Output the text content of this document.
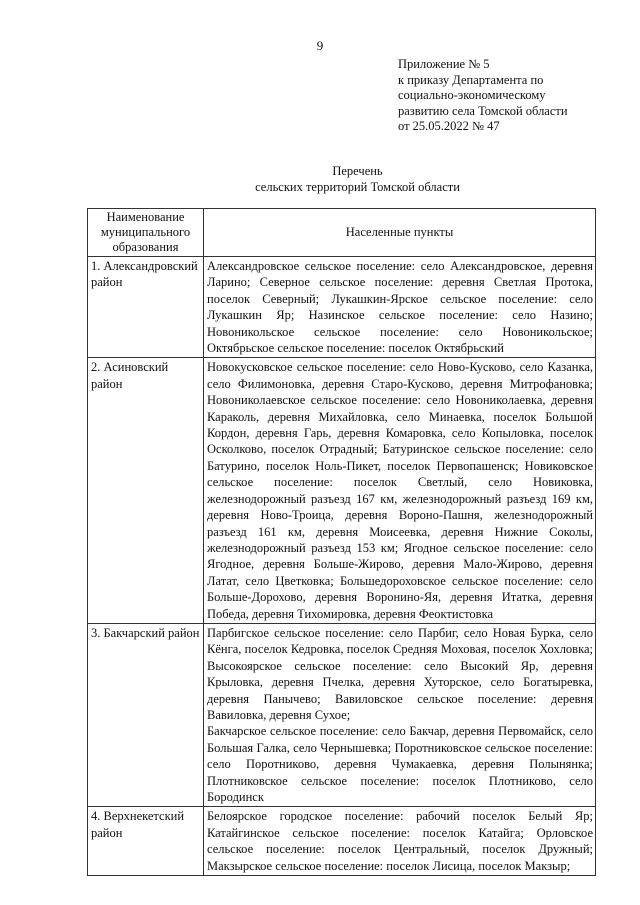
9
Приложение № 5
к приказу Департамента по
социально-экономическому
развитию села Томской области
от 25.05.2022 № 47
Перечень
сельских территорий Томской области
Наименование муниципального образования	Населенные пункты
1. Александровский район	Александровское сельское поселение: село Александровское, деревня Ларино; Северное сельское поселение: деревня Светлая Протока, поселок Северный; Лукашкин-Ярское сельское поселение: село Лукашкин Яр; Назинское сельское поселение: село Назино; Новоникольское сельское поселение: село Новоникольское; Октябрьское сельское поселение: поселок Октябрьский
2. Асиновский район	Новокусковское сельское поселение: село Ново-Кусково, село Казанка, село Филимоновка, деревня Старо-Кусково, деревня Митрофановка; Новониколаевское сельское поселение: село Новониколаевка, деревня Караколь, деревня Михайловка, село Минаевка, поселок Большой Кордон, деревня Гарь, деревня Комаровка, село Копыловка, поселок Осколково, поселок Отрадный; Батуринское сельское поселение: село Батурино, поселок Ноль-Пикет, поселок Первопашенск; Новиковское сельское поселение: поселок Светлый, село Новиковка, железнодорожный разъезд 167 км, железнодорожный разъезд 169 км, деревня Ново-Троица, деревня Вороно-Пашня, железнодорожный разъезд 161 км, деревня Моисеевка, деревня Нижние Соколы, железнодорожный разъезд 153 км; Ягодное сельское поселение: село Ягодное, деревня Больше-Жирово, деревня Мало-Жирово, деревня Латат, село Цветковка; Большедороховское сельское поселение: село Больше-Дорохово, деревня Воронино-Яя, деревня Итатка, деревня Победа, деревня Тихомировка, деревня Феоктистовка
3. Бакчарский район	Парбигское сельское поселение: село Парбиг, село Новая Бурка, село Кёнга, поселок Кедровка, поселок Средняя Моховая, поселок Хохловка; Высокоярское сельское поселение: село Высокий Яр, деревня Крыловка, деревня Пчелка, деревня Хуторское, село Богатыревка, деревня Панычево; Вавиловское сельское поселение: деревня Вавиловка, деревня Сухое;
Бакчарское сельское поселение: село Бакчар, деревня Первомайск, село Большая Галка, село Чернышевка; Поротниковское сельское поселение: село Поротниково, деревня Чумакаевка, деревня Полынянка; Плотниковское сельское поселение: поселок Плотниково, село Бородинск

4. Верхнекетский район	Белоярское городское поселение: рабочий поселок Белый Яр; Катайгинское сельское поселение: поселок Катайга; Орловское сельское поселение: поселок Центральный, поселок Дружный; Макзырское сельское поселение: поселок Лисица, поселок Макзыр;
